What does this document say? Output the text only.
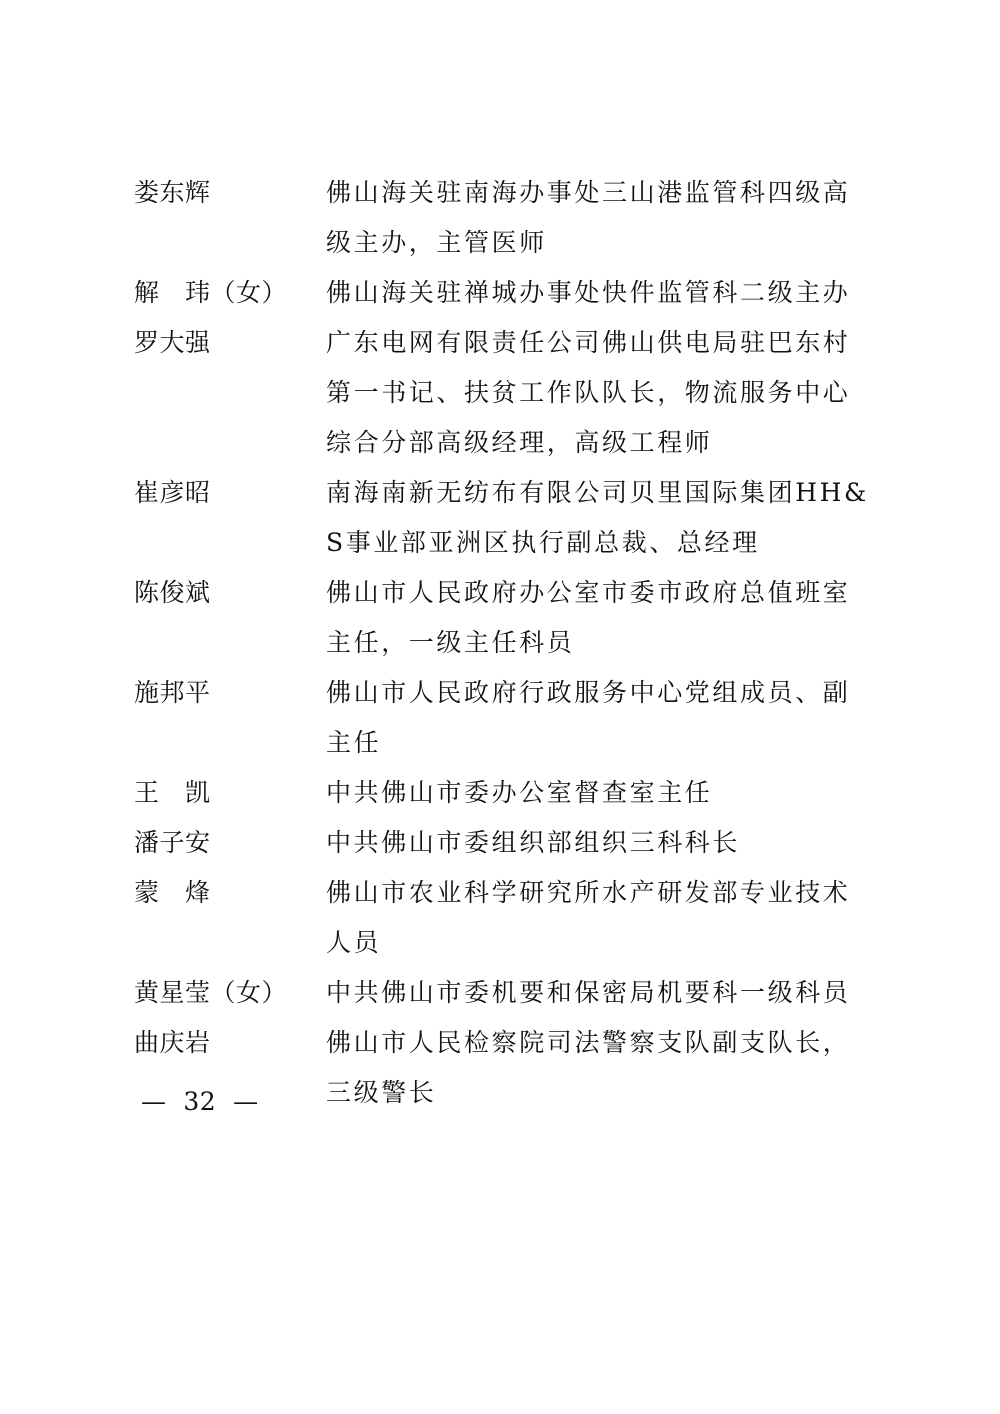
娄东辉	佛山海关驻南海办事处三山港监管科四级高级主办，主管医师
解　玮（女）	佛山海关驻禅城办事处快件监管科二级主办
罗大强	广东电网有限责任公司佛山供电局驻巴东村第一书记、扶贫工作队队长，物流服务中心综合分部高级经理，高级工程师
崔彦昭	南海南新无纺布有限公司贝里国际集团HH&S事业部亚洲区执行副总裁、总经理
陈俊斌	佛山市人民政府办公室市委市政府总值班室主任，一级主任科员
施邦平	佛山市人民政府行政服务中心党组成员、副主任
王　凯	中共佛山市委办公室督查室主任
潘子安	中共佛山市委组织部组织三科科长
蒙　烽	佛山市农业科学研究所水产研发部专业技术人员
黄星莹（女）	中共佛山市委机要和保密局机要科一级科员
曲庆岩	佛山市人民检察院司法警察支队副支队长，三级警长
—  32  —
